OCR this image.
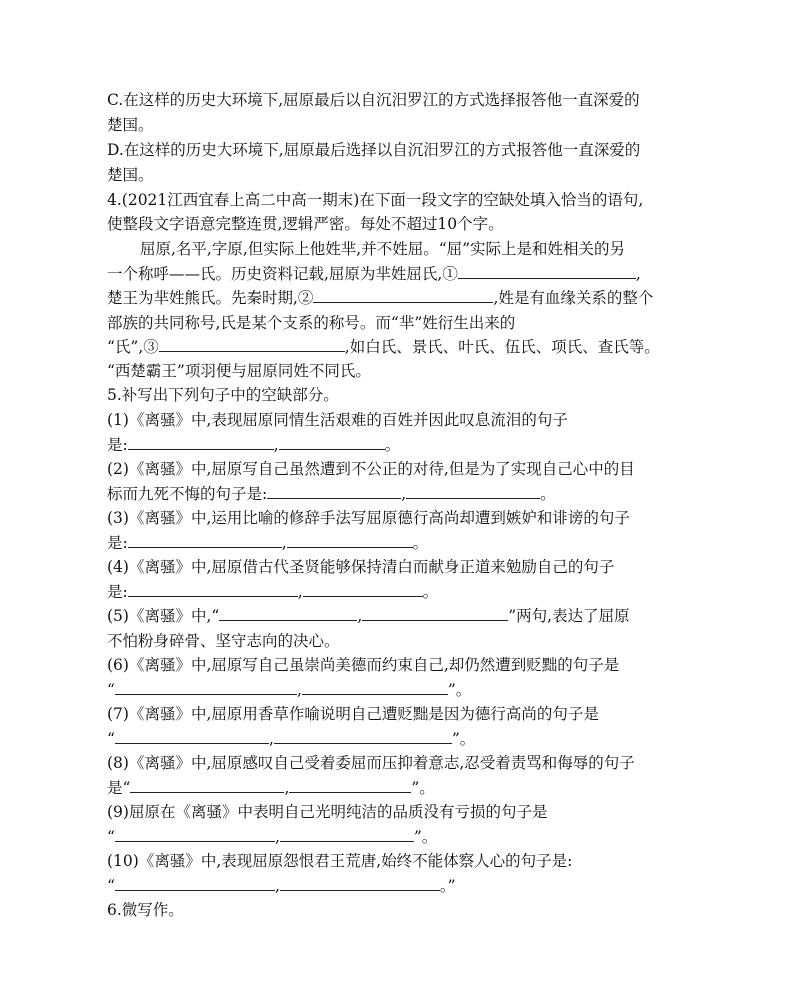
C.在这样的历史大环境下,屈原最后以自沉汨罗江的方式选择报答他一直深爱的
楚国。
D.在这样的历史大环境下,屈原最后选择以自沉汨罗江的方式报答他一直深爱的
楚国。
4.(2021江西宜春上高二中高一期末)在下面一段文字的空缺处填入恰当的语句,
使整段文字语意完整连贯,逻辑严密。每处不超过10个字。
屈原,名平,字原,但实际上他姓芈,并不姓屈。“屈”实际上是和姓相关的另
一个称呼——氏。历史资料记载,屈原为芈姓屈氏,①	,
楚王为芈姓熊氏。先秦时期,②	,姓是有血缘关系的整个
部族的共同称号,氏是某个支系的称号。而“芈”姓衍生出来的
“氏”,③	,如白氏、景氏、叶氏、伍氏、项氏、查氏等。
“西楚霸王”项羽便与屈原同姓不同氏。
5.补写出下列句子中的空缺部分。
(1)《离骚》中,表现屈原同情生活艰难的百姓并因此叹息流泪的句子
是:	,	。
(2)《离骚》中,屈原写自己虽然遭到不公正的对待,但是为了实现自己心中的目
标而九死不悔的句子是:	,	。
(3)《离骚》中,运用比喻的修辞手法写屈原德行高尚却遭到嫉妒和诽谤的句子
是:	,	。
(4)《离骚》中,屈原借古代圣贤能够保持清白而献身正道来勉励自己的句子
是:	,	。
(5)《离骚》中,“	,	”两句,表达了屈原
不怕粉身碎骨、坚守志向的决心。
(6)《离骚》中,屈原写自己虽崇尚美德而约束自己,却仍然遭到贬黜的句子是
“	,	”。
(7)《离骚》中,屈原用香草作喻说明自己遭贬黜是因为德行高尚的句子是
“	,	”。
(8)《离骚》中,屈原感叹自己受着委屈而压抑着意志,忍受着责骂和侮辱的句子
是“	,	”。
(9)屈原在《离骚》中表明自己光明纯洁的品质没有亏损的句子是
“	,	”。
(10)《离骚》中,表现屈原怨恨君王荒唐,始终不能体察人心的句子是:
“	,	。”
6.微写作。
